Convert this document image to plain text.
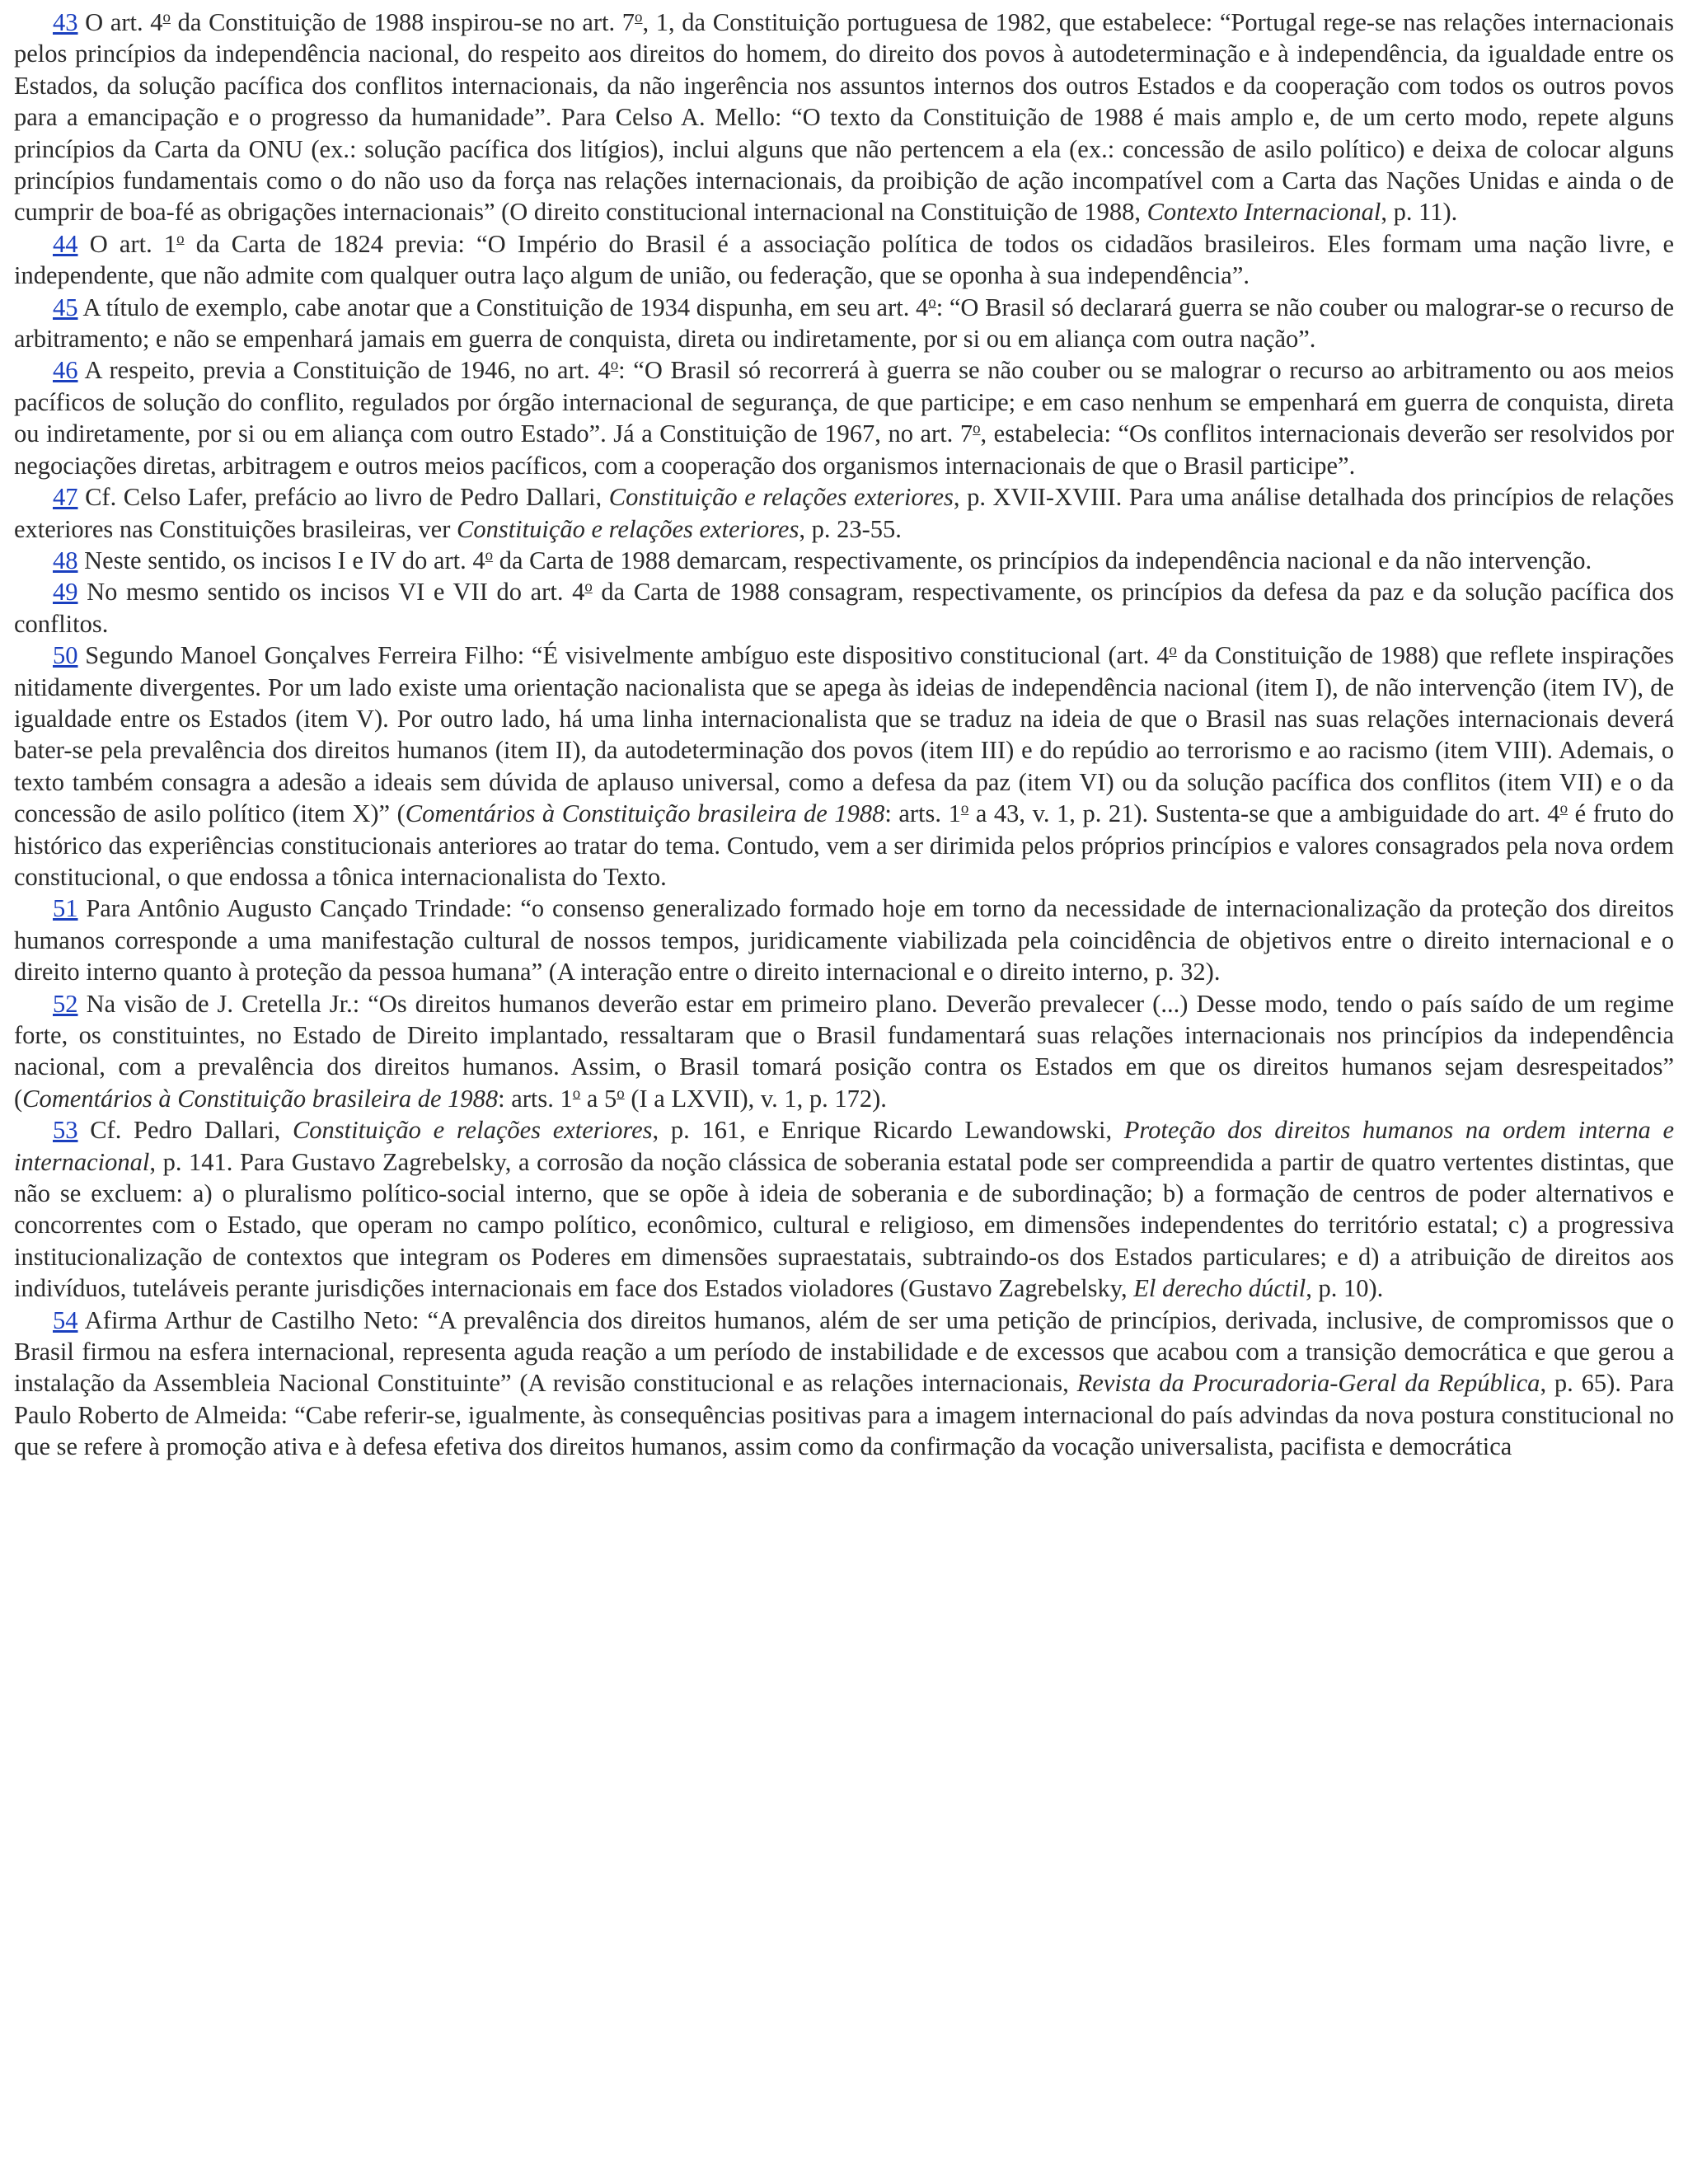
43 O art. 4$^o$ da Constituição de 1988 inspirou-se no art. 7$^o$, 1, da Constituição portuguesa de 1982, que estabelece: “Portugal rege-se nas relações internacionais pelos princípios da independência nacional, do respeito aos direitos do homem, do direito dos povos à autodeterminação e à independência, da igualdade entre os Estados, da solução pacífica dos conflitos internacionais, da não ingerência nos assuntos internos dos outros Estados e da cooperação com todos os outros povos para a emancipação e o progresso da humanidade”. Para Celso A. Mello: “O texto da Constituição de 1988 é mais amplo e, de um certo modo, repete alguns princípios da Carta da ONU (ex.: solução pacífica dos litígios), inclui alguns que não pertencem a ela (ex.: concessão de asilo político) e deixa de colocar alguns princípios fundamentais como o do não uso da força nas relações internacionais, da proibição de ação incompatível com a Carta das Nações Unidas e ainda o de cumprir de boa-fé as obrigações internacionais” (O direito constitucional internacional na Constituição de 1988, Contexto Internacional, p. 11).

44 O art. 1$^o$ da Carta de 1824 previa: “O Império do Brasil é a associação política de todos os cidadãos brasileiros. Eles formam uma nação livre, e independente, que não admite com qualquer outra laço algum de união, ou federação, que se oponha à sua independência”.

45 A título de exemplo, cabe anotar que a Constituição de 1934 dispunha, em seu art. 4$^o$: “O Brasil só declarará guerra se não couber ou malograr-se o recurso de arbitramento; e não se empenhará jamais em guerra de conquista, direta ou indiretamente, por si ou em aliança com outra nação”.

46 A respeito, previa a Constituição de 1946, no art. 4$^o$: “O Brasil só recorrerá à guerra se não couber ou se malograr o recurso ao arbitramento ou aos meios pacíficos de solução do conflito, regulados por órgão internacional de segurança, de que participe; e em caso nenhum se empenhará em guerra de conquista, direta ou indiretamente, por si ou em aliança com outro Estado”. Já a Constituição de 1967, no art. 7$^o$, estabelecia: “Os conflitos internacionais deverão ser resolvidos por negociações diretas, arbitragem e outros meios pacíficos, com a cooperação dos organismos internacionais de que o Brasil participe”.

47 Cf. Celso Lafer, prefácio ao livro de Pedro Dallari, Constituição e relações exteriores, p. XVII-XVIII. Para uma análise detalhada dos princípios de relações exteriores nas Constituições brasileiras, ver Constituição e relações exteriores, p. 23-55.

48 Neste sentido, os incisos I e IV do art. 4$^o$ da Carta de 1988 demarcam, respectivamente, os princípios da independência nacional e da não intervenção.

49 No mesmo sentido os incisos VI e VII do art. 4$^o$ da Carta de 1988 consagram, respectivamente, os princípios da defesa da paz e da solução pacífica dos conflitos.

50 Segundo Manoel Gonçalves Ferreira Filho: “É visivelmente ambíguo este dispositivo constitucional (art. 4$^o$ da Constituição de 1988) que reflete inspirações nitidamente divergentes. Por um lado existe uma orientação nacionalista que se apega às ideias de independência nacional (item I), de não intervenção (item IV), de igualdade entre os Estados (item V). Por outro lado, há uma linha internacionalista que se traduz na ideia de que o Brasil nas suas relações internacionais deverá bater-se pela prevalência dos direitos humanos (item II), da autodeterminação dos povos (item III) e do repúdio ao terrorismo e ao racismo (item VIII). Ademais, o texto também consagra a adesão a ideais sem dúvida de aplauso universal, como a defesa da paz (item VI) ou da solução pacífica dos conflitos (item VII) e o da concessão de asilo político (item X)” (Comentários à Constituição brasileira de 1988: arts. 1$^o$ a 43, v. 1, p. 21). Sustenta-se que a ambiguidade do art. 4$^o$ é fruto do histórico das experiências constitucionais anteriores ao tratar do tema. Contudo, vem a ser dirimida pelos próprios princípios e valores consagrados pela nova ordem constitucional, o que endossa a tônica internacionalista do Texto.

51 Para Antônio Augusto Cançado Trindade: “o consenso generalizado formado hoje em torno da necessidade de internacionalização da proteção dos direitos humanos corresponde a uma manifestação cultural de nossos tempos, juridicamente viabilizada pela coincidência de objetivos entre o direito internacional e o direito interno quanto à proteção da pessoa humana” (A interação entre o direito internacional e o direito interno, p. 32).

52 Na visão de J. Cretella Jr.: “Os direitos humanos deverão estar em primeiro plano. Deverão prevalecer (...) Desse modo, tendo o país saído de um regime forte, os constituintes, no Estado de Direito implantado, ressaltaram que o Brasil fundamentará suas relações internacionais nos princípios da independência nacional, com a prevalência dos direitos humanos. Assim, o Brasil tomará posição contra os Estados em que os direitos humanos sejam desrespeitados” (Comentários à Constituição brasileira de 1988: arts. 1$^o$ a 5$^o$ (I a LXVII), v. 1, p. 172).

53 Cf. Pedro Dallari, Constituição e relações exteriores, p. 161, e Enrique Ricardo Lewandowski, Proteção dos direitos humanos na ordem interna e internacional, p. 141. Para Gustavo Zagrebelsky, a corrosão da noção clássica de soberania estatal pode ser compreendida a partir de quatro vertentes distintas, que não se excluem: a) o pluralismo político-social interno, que se opõe à ideia de soberania e de subordinação; b) a formação de centros de poder alternativos e concorrentes com o Estado, que operam no campo político, econômico, cultural e religioso, em dimensões independentes do território estatal; c) a progressiva institucionalização de contextos que integram os Poderes em dimensões supraestatais, subtraindo-os dos Estados particulares; e d) a atribuição de direitos aos indivíduos, tuteláveis perante jurisdições internacionais em face dos Estados violadores (Gustavo Zagrebelsky, El derecho dúctil, p. 10).

54 Afirma Arthur de Castilho Neto: “A prevalência dos direitos humanos, além de ser uma petição de princípios, derivada, inclusive, de compromissos que o Brasil firmou na esfera internacional, representa aguda reação a um período de instabilidade e de excessos que acabou com a transição democrática e que gerou a instalação da Assembleia Nacional Constituinte” (A revisão constitucional e as relações internacionais, Revista da Procuradoria-Geral da República, p. 65). Para Paulo Roberto de Almeida: “Cabe referir-se, igualmente, às consequências positivas para a imagem internacional do país advindas da nova postura constitucional no que se refere à promoção ativa e à defesa efetiva dos direitos humanos, assim como da confirmação da vocação universalista, pacifista e democrática
